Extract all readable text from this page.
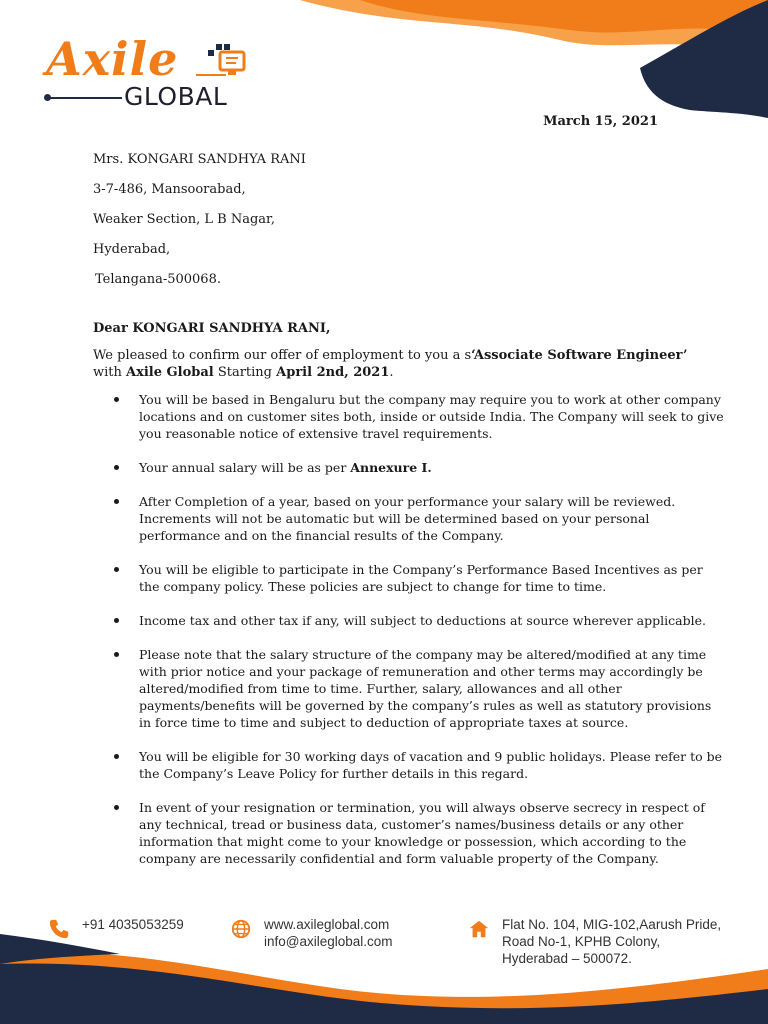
Axile
GLOBAL
March 15, 2021
Mrs. KONGARI SANDHYA RANI
3-7-486, Mansoorabad,
Weaker Section, L B Nagar,
Hyderabad,
Telangana-500068.
Dear KONGARI SANDHYA RANI,
We pleased to confirm our offer of employment to you a s‘Associate Software Engineer’
with Axile Global Starting April 2nd, 2021.
You will be based in Bengaluru but the company may require you to work at other company locations and on customer sites both, inside or outside India. The Company will seek to give you reasonable notice of extensive travel requirements.
Your annual salary will be as per Annexure I.
After Completion of a year, based on your performance your salary will be reviewed. Increments will not be automatic but will be determined based on your personal performance and on the financial results of the Company.
You will be eligible to participate in the Company’s Performance Based Incentives as per the company policy. These policies are subject to change for time to time.
Income tax and other tax if any, will subject to deductions at source wherever applicable.
Please note that the salary structure of the company may be altered/modified at any time with prior notice and your package of remuneration and other terms may accordingly be altered/modified from time to time. Further, salary, allowances and all other payments/benefits will be governed by the company’s rules as well as statutory provisions in force time to time and subject to deduction of appropriate taxes at source.
You will be eligible for 30 working days of vacation and 9 public holidays. Please refer to be the Company’s Leave Policy for further details in this regard.
In event of your resignation or termination, you will always observe secrecy in respect of any technical, tread or business data, customer’s names/business details or any other information that might come to your knowledge or possession, which according to the company are necessarily confidential and form valuable property of the Company.
+91 4035053259	www.axileglobal.com
info@axileglobal.com
Flat No. 104, MIG-102,Aarush Pride,
Road No-1, KPHB Colony,
Hyderabad – 500072.
